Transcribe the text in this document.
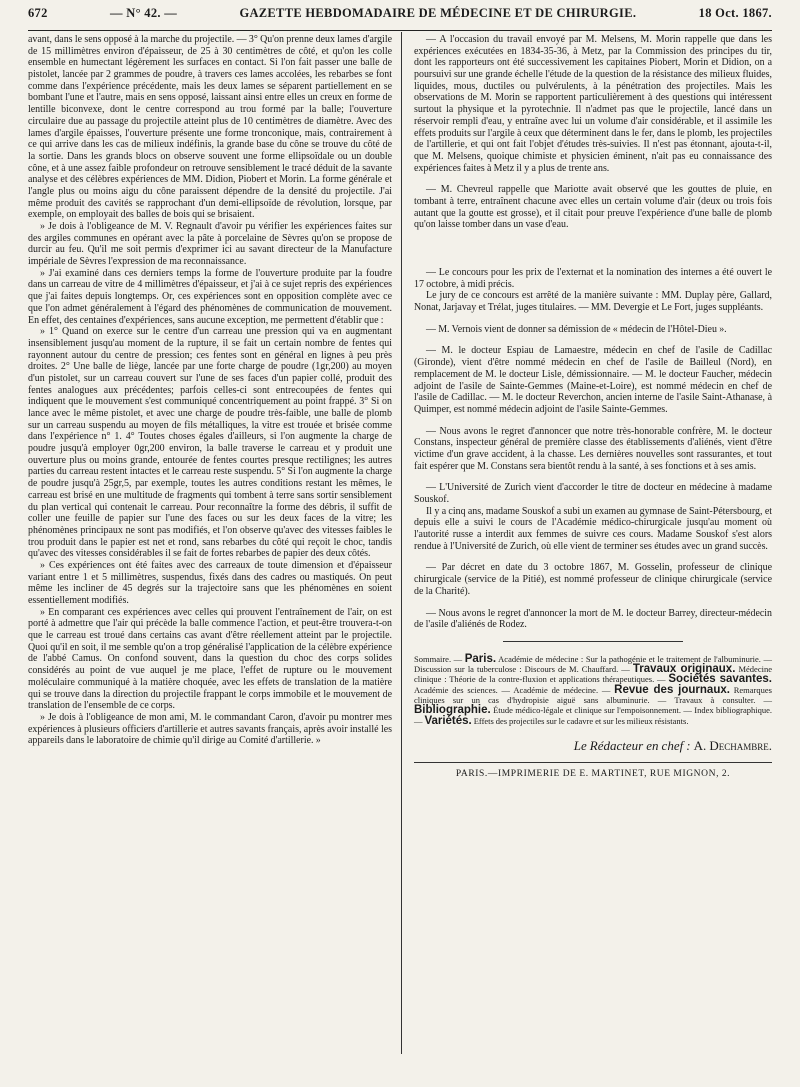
672	— N° 42. —	GAZETTE HEBDOMADAIRE DE MÉDECINE ET DE CHIRURGIE.	18 Oct. 1867.

avant, dans le sens opposé à la marche du projectile. — 3° Qu'on prenne deux lames d'argile de 15 millimètres environ d'épaisseur, de 25 à 30 centimètres de côté, et qu'on les colle ensemble en humectant légèrement les surfaces en contact. Si l'on fait passer une balle de pistolet, lancée par 2 grammes de poudre, à travers ces lames accolées, les rebarbes se font comme dans l'expérience précédente, mais les deux lames se séparent partiellement en se bombant l'une et l'autre, mais en sens opposé, laissant ainsi entre elles un creux en forme de lentille biconvexe, dont le centre correspond au trou formé par la balle; l'ouverture circulaire due au passage du projectile atteint plus de 10 centimètres de diamètre. Avec des lames d'argile épaisses, l'ouverture présente une forme tronconique, mais, contrairement à ce qui arrive dans les cas de milieux indéfinis, la grande base du cône se trouve du côté de la sortie. Dans les grands blocs on observe souvent une forme ellipsoïdale ou un double cône, et à une assez faible profondeur on retrouve sensiblement le tracé déduit de la savante analyse et des célèbres expériences de MM. Didion, Piobert et Morin. La forme générale et l'angle plus ou moins aigu du cône paraissent dépendre de la densité du projectile. J'ai même produit des cavités se rapprochant d'un demi-ellipsoïde de révolution, lorsque, par exemple, on employait des balles de bois qui se brisaient.

» Je dois à l'obligeance de M. V. Regnault d'avoir pu vérifier les expériences faites sur des argiles communes en opérant avec la pâte à porcelaine de Sèvres qu'on se propose de durcir au feu. Qu'il me soit permis d'exprimer ici au savant directeur de la Manufacture impériale de Sèvres l'expression de ma reconnaissance.

» J'ai examiné dans ces derniers temps la forme de l'ouverture produite par la foudre dans un carreau de vitre de 4 millimètres d'épaisseur, et j'ai à ce sujet repris des expériences que j'ai faites depuis longtemps. Or, ces expériences sont en opposition complète avec ce que l'on admet généralement à l'égard des phénomènes de communication de mouvement. En effet, des centaines d'expériences, sans aucune exception, me permettent d'établir que :

» 1° Quand on exerce sur le centre d'un carreau une pression qui va en augmentant insensiblement jusqu'au moment de la rupture, il se fait un certain nombre de fentes qui rayonnent autour du centre de pression; ces fentes sont en général en lignes à peu près droites. 2° Une balle de liège, lancée par une forte charge de poudre (1gr,200) au moyen d'un pistolet, sur un carreau couvert sur l'une de ses faces d'un papier collé, produit des fentes analogues aux précédentes; parfois celles-ci sont entrecoupées de fentes qui indiquent que le mouvement s'est communiqué concentriquement au point frappé. 3° Si on lance avec le même pistolet, et avec une charge de poudre très-faible, une balle de plomb sur un carreau suspendu au moyen de fils métalliques, la vitre est trouée et brisée comme dans l'expérience n° 1. 4° Toutes choses égales d'ailleurs, si l'on augmente la charge de poudre jusqu'à employer 0gr,200 environ, la balle traverse le carreau et y produit une ouverture plus ou moins grande, entourée de fentes courtes presque rectilignes; les autres parties du carreau restent intactes et le carreau reste suspendu. 5° Si l'on augmente la charge de poudre jusqu'à 25gr,5, par exemple, toutes les autres conditions restant les mêmes, le carreau est brisé en une multitude de fragments qui tombent à terre sans sortir sensiblement du plan vertical qui contenait le carreau. Pour reconnaître la forme des débris, il suffit de coller une feuille de papier sur l'une des faces ou sur les deux faces de la vitre; les phénomènes principaux ne sont pas modifiés, et l'on observe qu'avec des vitesses faibles le trou produit dans le papier est net et rond, sans rebarbes du côté qui reçoit le choc, tandis qu'avec des vitesses considérables il se fait de fortes rebarbes de papier des deux côtés.

» Ces expériences ont été faites avec des carreaux de toute dimension et d'épaisseur variant entre 1 et 5 millimètres, suspendus, fixés dans des cadres ou mastiqués. On peut même les incliner de 45 degrés sur la trajectoire sans que les phénomènes en soient essentiellement modifiés.

» En comparant ces expériences avec celles qui prouvent l'entraînement de l'air, on est porté à admettre que l'air qui précède la balle commence l'action, et peut-être trouvera-t-on que le carreau est troué dans certains cas avant d'être réellement atteint par le projectile. Quoi qu'il en soit, il me semble qu'on a trop généralisé l'application de la célèbre expérience de l'abbé Camus. On confond souvent, dans la question du choc des corps solides considérés au point de vue auquel je me place, l'effet de rupture ou le mouvement moléculaire communiqué à la matière choquée, avec les effets de translation de la matière qui se trouve dans la direction du projectile frappant le corps immobile et le mouvement de translation de l'ensemble de ce corps.

» Je dois à l'obligeance de mon ami, M. le commandant Caron, d'avoir pu montrer mes expériences à plusieurs officiers d'artillerie et autres savants français, après avoir installé les appareils dans le laboratoire de chimie qu'il dirige au Comité d'artillerie. »

— A l'occasion du travail envoyé par M. Melsens, M. Morin rappelle que dans les expériences exécutées en 1834-35-36, à Metz, par la Commission des principes du tir, dont les rapporteurs ont été successivement les capitaines Piobert, Morin et Didion, on a poursuivi sur une grande échelle l'étude de la question de la résistance des milieux fluides, liquides, mous, ductiles ou pulvérulents, à la pénétration des projectiles. Mais les observations de M. Morin se rapportent particulièrement à des questions qui intéressent surtout la physique et la pyrotechnie. Il n'admet pas que le projectile, lancé dans un réservoir rempli d'eau, y entraîne avec lui un volume d'air considérable, et il assimile les effets produits sur l'argile à ceux que déterminent dans le fer, dans le plomb, les projectiles de l'artillerie, et qui ont fait l'objet d'études très-suivies. Il n'est pas étonnant, ajouta-t-il, que M. Melsens, quoique chimiste et physicien éminent, n'ait pas eu connaissance des expériences faites à Metz il y a plus de trente ans.

— M. Chevreul rappelle que Mariotte avait observé que les gouttes de pluie, en tombant à terre, entraînent chacune avec elles un certain volume d'air (deux ou trois fois autant que la goutte est grosse), et il citait pour preuve l'expérience d'une balle de plomb qu'on laisse tomber dans un vase d'eau.

— Le concours pour les prix de l'externat et la nomination des internes a été ouvert le 17 octobre, à midi précis.

Le jury de ce concours est arrêté de la manière suivante : MM. Duplay père, Gallard, Nonat, Jarjavay et Trélat, juges titulaires. — MM. Devergie et Le Fort, juges suppléants.

— M. Vernois vient de donner sa démission de « médecin de l'Hôtel-Dieu ».

— M. le docteur Espiau de Lamaestre, médecin en chef de l'asile de Cadillac (Gironde), vient d'être nommé médecin en chef de l'asile de Bailleul (Nord), en remplacement de M. le docteur Lisle, démissionnaire. — M. le docteur Faucher, médecin adjoint de l'asile de Sainte-Gemmes (Maine-et-Loire), est nommé médecin en chef de l'asile de Cadillac. — M. le docteur Reverchon, ancien interne de l'asile Saint-Athanase, à Quimper, est nommé médecin adjoint de l'asile Sainte-Gemmes.

— Nous avons le regret d'annoncer que notre très-honorable confrère, M. le docteur Constans, inspecteur général de première classe des établissements d'aliénés, vient d'être victime d'un grave accident, à la chasse. Les dernières nouvelles sont rassurantes, et tout fait espérer que M. Constans sera bientôt rendu à la santé, à ses fonctions et à ses amis.

— L'Université de Zurich vient d'accorder le titre de docteur en médecine à madame Souskof.

Il y a cinq ans, madame Souskof a subi un examen au gymnase de Saint-Pétersbourg, et depuis elle a suivi le cours de l'Académie médico-chirurgicale jusqu'au moment où l'autorité russe a interdit aux femmes de suivre ces cours. Madame Souskof s'est alors rendue à l'Université de Zurich, où elle vient de terminer ses études avec un grand succès.

— Par décret en date du 3 octobre 1867, M. Gosselin, professeur de clinique chirurgicale (service de la Pitié), est nommé professeur de clinique chirurgicale (service de la Charité).

— Nous avons le regret d'annoncer la mort de M. le docteur Barrey, directeur-médecin de l'asile d'aliénés de Rodez.

Sommaire. — Paris. Académie de médecine : Sur la pathogénie et le traitement de l'albuminurie. — Discussion sur la tuberculose : Discours de M. Chauffard. — Travaux originaux. Médecine clinique : Théorie de la contre-fluxion et applications thérapeutiques. — Sociétés savantes. Académie des sciences. — Académie de médecine. — Revue des journaux. Remarques cliniques sur un cas d'hydropisie aiguë sans albuminurie. — Travaux à consulter. — Bibliographie. Étude médico-légale et clinique sur l'empoisonnement. — Index bibliographique. — Variétés. Effets des projectiles sur le cadavre et sur les milieux résistants.

Le Rédacteur en chef : A. Dechambre.
PARIS.—IMPRIMERIE DE E. MARTINET, RUE MIGNON, 2.
